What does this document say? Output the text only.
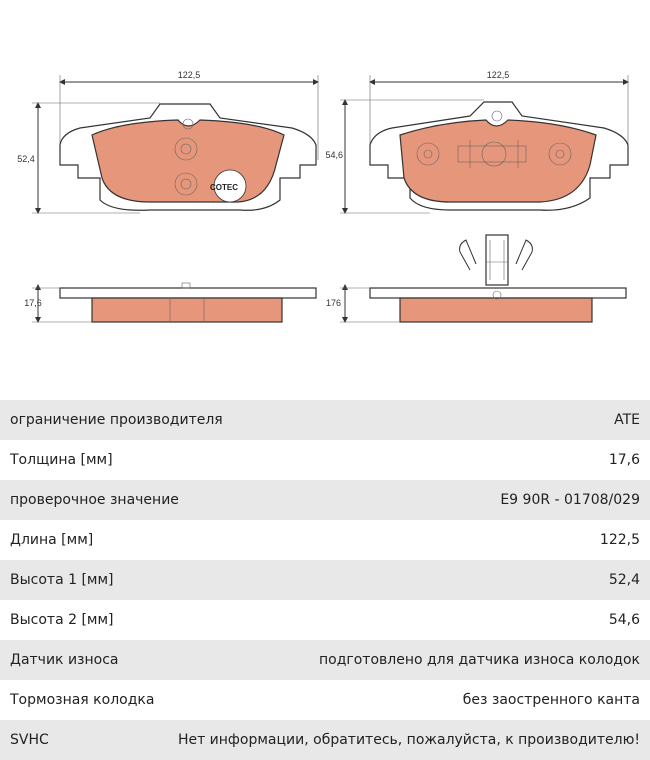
122,5
52,4
COTEC
17,6
122,5
54,6
176
ограничение производителя	ATE
Толщина [мм]	17,6
проверочное значение	E9 90R - 01708/029
Длина [мм]	122,5
Высота 1 [мм]	52,4
Высота 2 [мм]	54,6
Датчик износа	подготовлено для датчика износа колодок
Тормозная колодка	без заостренного канта
SVHC	Нет информации, обратитесь, пожалуйста, к производителю!
